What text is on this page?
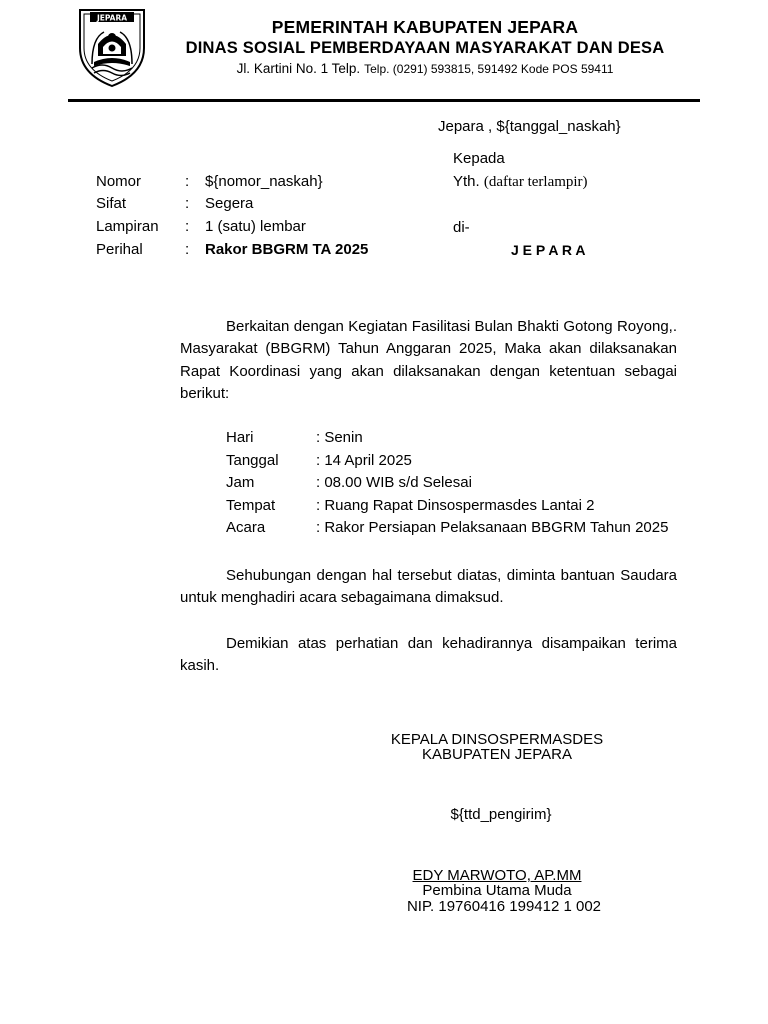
JEPARA	PEMERINTAH KABUPATEN JEPARA
DINAS SOSIAL PEMBERDAYAAN MASYARAKAT DAN DESA
Jl. Kartini No. 1 Telp. Telp. (0291) 593815, 591492 Kode POS 59411
Jepara , ${tanggal_naskah}
Kepada
Yth. (daftar terlampir)
di-
J E P A R A
Nomor	: ${nomor_naskah}
Sifat	: Segera
Lampiran : 1 (satu) lembar
Perihal	: Rakor BBGRM TA 2025
Berkaitan dengan Kegiatan Fasilitasi Bulan Bhakti Gotong Royong,. Masyarakat (BBGRM) Tahun Anggaran 2025, Maka akan dilaksanakan Rapat Koordinasi yang akan dilaksanakan dengan ketentuan sebagai berikut:
Hari	: Senin
Tanggal : 14 April 2025
Jam	: 08.00 WIB s/d Selesai
Tempat	: Ruang Rapat Dinsospermasdes Lantai 2
Acara	: Rakor Persiapan Pelaksanaan BBGRM Tahun 2025
Sehubungan dengan hal tersebut diatas, diminta bantuan Saudara untuk menghadiri acara sebagaimana dimaksud.
Demikian atas perhatian dan kehadirannya disampaikan terima kasih.
KEPALA DINSOSPERMASDES
KABUPATEN JEPARA
${ttd_pengirim}
EDY MARWOTO, AP.MM
Pembina Utama Muda
NIP. 19760416 199412 1 002
